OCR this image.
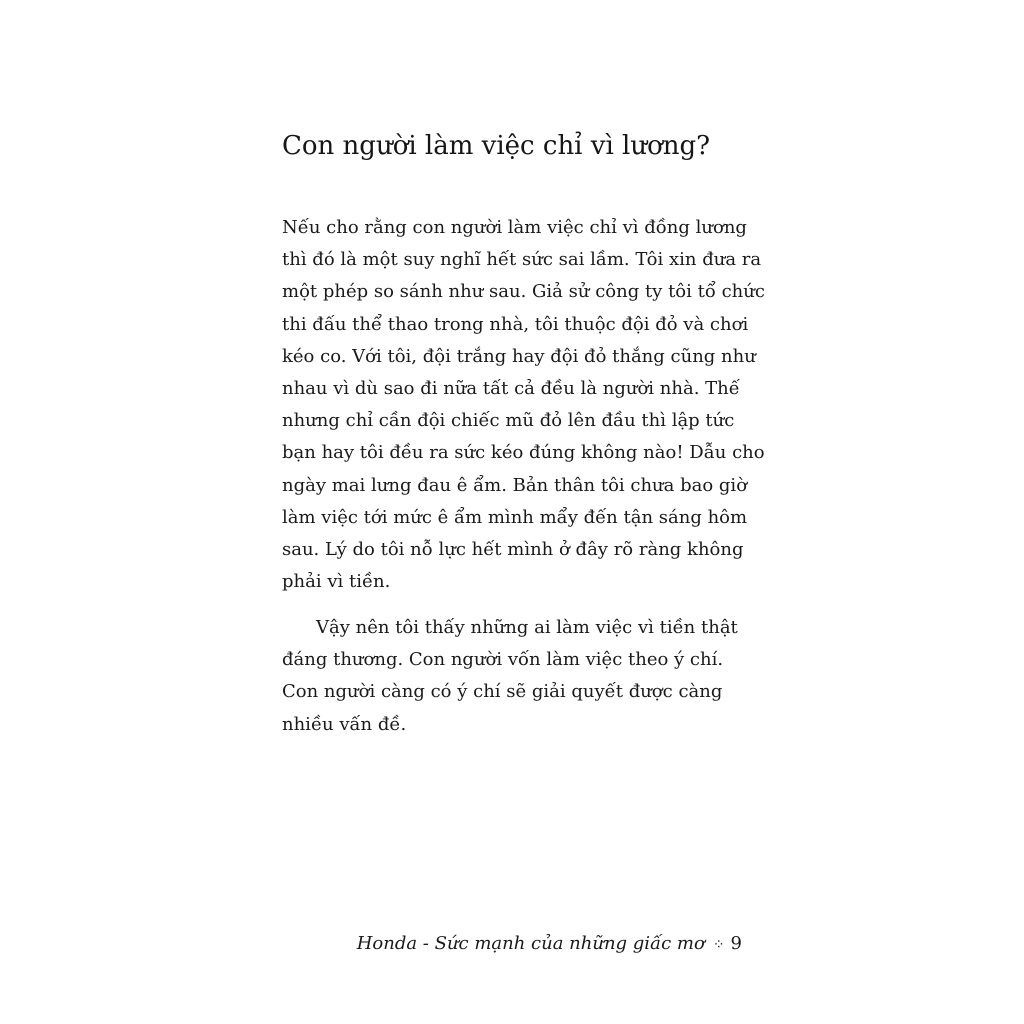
Con người làm việc chỉ vì lương?

Nếu cho rằng con người làm việc chỉ vì đồng lương
thì đó là một suy nghĩ hết sức sai lầm. Tôi xin đưa ra
một phép so sánh như sau. Giả sử công ty tôi tổ chức
thi đấu thể thao trong nhà, tôi thuộc đội đỏ và chơi
kéo co. Với tôi, đội trắng hay đội đỏ thắng cũng như
nhau vì dù sao đi nữa tất cả đều là người nhà. Thế
nhưng chỉ cần đội chiếc mũ đỏ lên đầu thì lập tức
bạn hay tôi đều ra sức kéo đúng không nào! Dẫu cho
ngày mai lưng đau ê ẩm. Bản thân tôi chưa bao giờ
làm việc tới mức ê ẩm mình mẩy đến tận sáng hôm
sau. Lý do tôi nỗ lực hết mình ở đây rõ ràng không
phải vì tiền.

Vậy nên tôi thấy những ai làm việc vì tiền thật
đáng thương. Con người vốn làm việc theo ý chí.
Con người càng có ý chí sẽ giải quyết được càng
nhiều vấn đề.

Honda - Sức mạnh của những giấc mơ ⁘ 9
